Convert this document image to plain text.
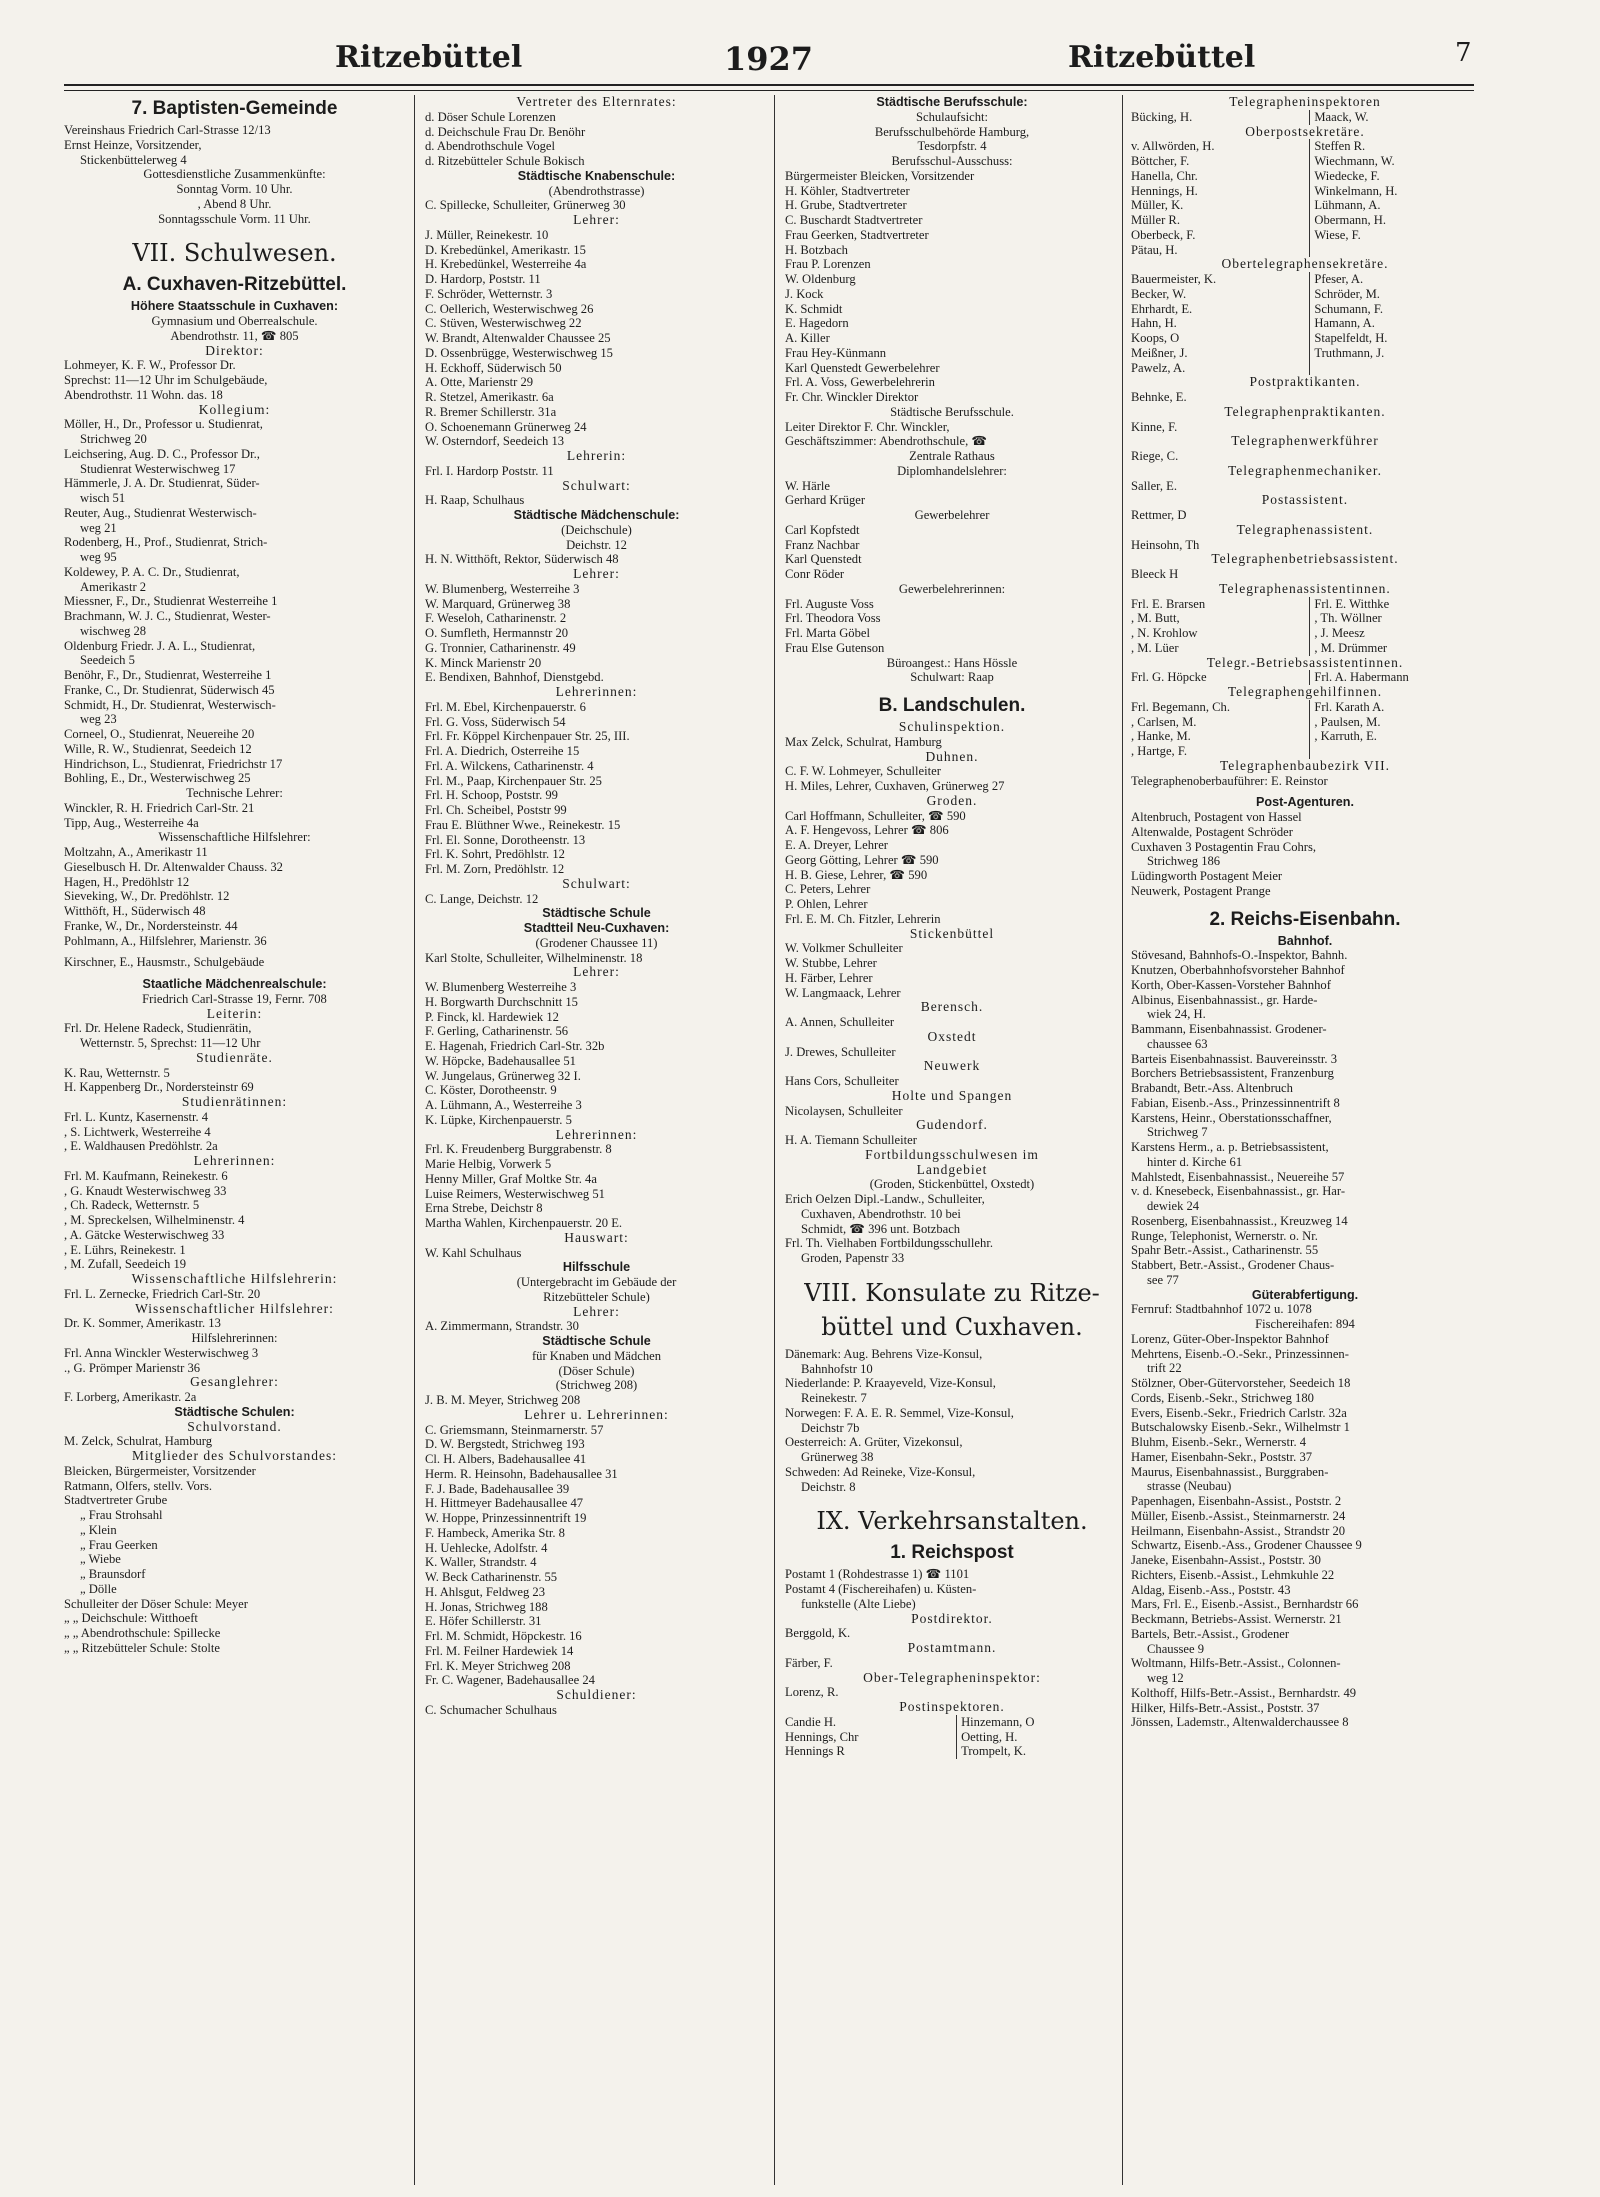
Ritzebüttel	1927	Ritzebüttel	7
7. Baptisten-Gemeinde
Vereinshaus Friedrich Carl-Strasse 12/13
Ernst Heinze, Vorsitzender,
Stickenbüttelerweg 4
Gottesdienstliche Zusammenkünfte:
Sonntag Vorm. 10 Uhr.
, Abend 8 Uhr.
Sonntagsschule Vorm. 11 Uhr.
VII. Schulwesen.
A. Cuxhaven-Ritzebüttel.
Höhere Staatsschule in Cuxhaven:
Gymnasium und Oberrealschule.
Abendrothstr. 11, ☎ 805
Direktor:
Lohmeyer, K. F. W., Professor Dr.
Sprechst: 11—12 Uhr im Schulgebäude,
Abendrothstr. 11 Wohn. das. 18
Kollegium:
Möller, H., Dr., Professor u. Studienrat,
Strichweg 20
Leichsering, Aug. D. C., Professor Dr.,
Studienrat Westerwischweg 17
Hämmerle, J. A. Dr. Studienrat, Süder-
wisch 51
Reuter, Aug., Studienrat Westerwisch-
weg 21
Rodenberg, H., Prof., Studienrat, Strich-
weg 95
Koldewey, P. A. C. Dr., Studienrat,
Amerikastr 2
Miessner, F., Dr., Studienrat Westerreihe 1
Brachmann, W. J. C., Studienrat, Wester-
wischweg 28
Oldenburg Friedr. J. A. L., Studienrat,
Seedeich 5
Benöhr, F., Dr., Studienrat, Westerreihe 1
Franke, C., Dr. Studienrat, Süderwisch 45
Schmidt, H., Dr. Studienrat, Westerwisch-
weg 23
Corneel, O., Studienrat, Neuereihe 20
Wille, R. W., Studienrat, Seedeich 12
Hindrichson, L., Studienrat, Friedrichstr 17
Bohling, E., Dr., Westerwischweg 25
Technische Lehrer:
Winckler, R. H. Friedrich Carl-Str. 21
Tipp, Aug., Westerreihe 4a
Wissenschaftliche Hilfslehrer:
Moltzahn, A., Amerikastr 11
Gieselbusch H. Dr. Altenwalder Chauss. 32
Hagen, H., Predöhlstr 12
Sieveking, W., Dr. Predöhlstr. 12
Witthöft, H., Süderwisch 48
Franke, W., Dr., Nordersteinstr. 44
Pohlmann, A., Hilfslehrer, Marienstr. 36
Kirschner, E., Hausmstr., Schulgebäude
Staatliche Mädchenrealschule:
Friedrich Carl-Strasse 19, Fernr. 708
Leiterin:
Frl. Dr. Helene Radeck, Studienrätin,
Wetternstr. 5, Sprechst: 11—12 Uhr
Studienräte.
K. Rau, Wetternstr. 5
H. Kappenberg Dr., Nordersteinstr 69
Studienrätinnen:
Frl. L. Kuntz, Kasernenstr. 4
, S. Lichtwerk, Westerreihe 4
, E. Waldhausen Predöhlstr. 2a
Lehrerinnen:
Frl. M. Kaufmann, Reinekestr. 6
, G. Knaudt Westerwischweg 33
, Ch. Radeck, Wetternstr. 5
, M. Spreckelsen, Wilhelminenstr. 4
, A. Gätcke Westerwischweg 33
, E. Lührs, Reinekestr. 1
, M. Zufall, Seedeich 19
Wissenschaftliche Hilfslehrerin:
Frl. L. Zernecke, Friedrich Carl-Str. 20
Wissenschaftlicher Hilfslehrer:
Dr. K. Sommer, Amerikastr. 13
Hilfslehrerinnen:
Frl. Anna Winckler Westerwischweg 3
., G. Prömper Marienstr 36
Gesanglehrer:
F. Lorberg, Amerikastr. 2a
Städtische Schulen:
Schulvorstand.
M. Zelck, Schulrat, Hamburg
Mitglieder des Schulvorstandes:
Bleicken, Bürgermeister, Vorsitzender
Ratmann, Olfers, stellv. Vors.
Stadtvertreter Grube
„ Frau Strohsahl
„ Klein
„ Frau Geerken
„ Wiebe
„ Braunsdorf
„ Dölle
Schulleiter der Döser Schule: Meyer
„ „ Deichschule: Witthoeft
„ „ Abendrothschule: Spillecke
„ „ Ritzebütteler Schule: Stolte
Vertreter des Elternrates:
d. Döser Schule Lorenzen
d. Deichschule Frau Dr. Benöhr
d. Abendrothschule Vogel
d. Ritzebütteler Schule Bokisch
Städtische Knabenschule:
(Abendrothstrasse)
C. Spillecke, Schulleiter, Grünerweg 30
Lehrer:
J. Müller, Reinekestr. 10
D. Krebedünkel, Amerikastr. 15
H. Krebedünkel, Westerreihe 4a
D. Hardorp, Poststr. 11
F. Schröder, Wetternstr. 3
C. Oellerich, Westerwischweg 26
C. Stüven, Westerwischweg 22
W. Brandt, Altenwalder Chaussee 25
D. Ossenbrügge, Westerwischweg 15
H. Eckhoff, Süderwisch 50
A. Otte, Marienstr 29
R. Stetzel, Amerikastr. 6a
R. Bremer Schillerstr. 31a
O. Schoenemann Grünerweg 24
W. Osterndorf, Seedeich 13
Lehrerin:
Frl. I. Hardorp Poststr. 11
Schulwart:
H. Raap, Schulhaus
Städtische Mädchenschule:
(Deichschule)
Deichstr. 12
H. N. Witthöft, Rektor, Süderwisch 48
Lehrer:
W. Blumenberg, Westerreihe 3
W. Marquard, Grünerweg 38
F. Weseloh, Catharinenstr. 2
O. Sumfleth, Hermannstr 20
G. Tronnier, Catharinenstr. 49
K. Minck Marienstr 20
E. Bendixen, Bahnhof, Dienstgebd.
Lehrerinnen:
Frl. M. Ebel, Kirchenpauerstr. 6
Frl. G. Voss, Süderwisch 54
Frl. Fr. Köppel Kirchenpauer Str. 25, III.
Frl. A. Diedrich, Osterreihe 15
Frl. A. Wilckens, Catharinenstr. 4
Frl. M., Paap, Kirchenpauer Str. 25
Frl. H. Schoop, Poststr. 99
Frl. Ch. Scheibel, Poststr 99
Frau E. Blüthner Wwe., Reinekestr. 15
Frl. El. Sonne, Dorotheenstr. 13
Frl. K. Sohrt, Predöhlstr. 12
Frl. M. Zorn, Predöhlstr. 12
Schulwart:
C. Lange, Deichstr. 12
Städtische Schule
Stadtteil Neu-Cuxhaven:
(Grodener Chaussee 11)
Karl Stolte, Schulleiter, Wilhelminenstr. 18
Lehrer:
W. Blumenberg Westerreihe 3
H. Borgwarth Durchschnitt 15
P. Finck, kl. Hardewiek 12
F. Gerling, Catharinenstr. 56
E. Hagenah, Friedrich Carl-Str. 32b
W. Höpcke, Badehausallee 51
W. Jungelaus, Grünerweg 32 I.
C. Köster, Dorotheenstr. 9
A. Lühmann, A., Westerreihe 3
K. Lüpke, Kirchenpauerstr. 5
Lehrerinnen:
Frl. K. Freudenberg Burggrabenstr. 8
Marie Helbig, Vorwerk 5
Henny Miller, Graf Moltke Str. 4a
Luise Reimers, Westerwischweg 51
Erna Strebe, Deichstr 8
Martha Wahlen, Kirchenpauerstr. 20 E.
Hauswart:
W. Kahl Schulhaus
Hilfsschule
(Untergebracht im Gebäude der
Ritzebütteler Schule)
Lehrer:
A. Zimmermann, Strandstr. 30
Städtische Schule
für Knaben und Mädchen
(Döser Schule)
(Strichweg 208)
J. B. M. Meyer, Strichweg 208
Lehrer u. Lehrerinnen:
C. Griemsmann, Steinmarnerstr. 57
D. W. Bergstedt, Strichweg 193
Cl. H. Albers, Badehausallee 41
Herm. R. Heinsohn, Badehausallee 31
F. J. Bade, Badehausallee 39
H. Hittmeyer Badehausallee 47
W. Hoppe, Prinzessinnentrift 19
F. Hambeck, Amerika Str. 8
H. Uehlecke, Adolfstr. 4
K. Waller, Strandstr. 4
W. Beck Catharinenstr. 55
H. Ahlsgut, Feldweg 23
H. Jonas, Strichweg 188
E. Höfer Schillerstr. 31
Frl. M. Schmidt, Höpckestr. 16
Frl. M. Feilner Hardewiek 14
Frl. K. Meyer Strichweg 208
Fr. C. Wagener, Badehausallee 24
Schuldiener:
C. Schumacher Schulhaus
Städtische Berufsschule:
Schulaufsicht:
Berufsschulbehörde Hamburg,
Tesdorpfstr. 4
Berufsschul-Ausschuss:
Bürgermeister Bleicken, Vorsitzender
H. Köhler, Stadtvertreter
H. Grube, Stadtvertreter
C. Buschardt Stadtvertreter
Frau Geerken, Stadtvertreter
H. Botzbach
Frau P. Lorenzen
W. Oldenburg
J. Kock
K. Schmidt
E. Hagedorn
A. Killer
Frau Hey-Künmann
Karl Quenstedt Gewerbelehrer
Frl. A. Voss, Gewerbelehrerin
Fr. Chr. Winckler Direktor
Städtische Berufsschule.
Leiter Direktor F. Chr. Winckler,
Geschäftszimmer: Abendrothschule, ☎
Zentrale Rathaus
Diplomhandelslehrer:
W. Härle
Gerhard Krüger
Gewerbelehrer
Carl Kopfstedt
Franz Nachbar
Karl Quenstedt
Conr Röder
Gewerbelehrerinnen:
Frl. Auguste Voss
Frl. Theodora Voss
Frl. Marta Göbel
Frau Else Gutenson
Büroangest.: Hans Hössle
Schulwart: Raap
B. Landschulen.
Schulinspektion.
Max Zelck, Schulrat, Hamburg
Duhnen.
C. F. W. Lohmeyer, Schulleiter
H. Miles, Lehrer, Cuxhaven, Grünerweg 27
Groden.
Carl Hoffmann, Schulleiter, ☎ 590
A. F. Hengevoss, Lehrer ☎ 806
E. A. Dreyer, Lehrer
Georg Götting, Lehrer ☎ 590
H. B. Giese, Lehrer, ☎ 590
C. Peters, Lehrer
P. Ohlen, Lehrer
Frl. E. M. Ch. Fitzler, Lehrerin
Stickenbüttel
W. Volkmer Schulleiter
W. Stubbe, Lehrer
H. Färber, Lehrer
W. Langmaack, Lehrer
Berensch.
A. Annen, Schulleiter
Oxstedt
J. Drewes, Schulleiter
Neuwerk
Hans Cors, Schulleiter
Holte und Spangen
Nicolaysen, Schulleiter
Gudendorf.
H. A. Tiemann Schulleiter
Fortbildungsschulwesen im
Landgebiet
(Groden, Stickenbüttel, Oxstedt)
Erich Oelzen Dipl.-Landw., Schulleiter,
Cuxhaven, Abendrothstr. 10 bei
Schmidt, ☎ 396 unt. Botzbach
Frl. Th. Vielhaben Fortbildungsschullehr.
Groden, Papenstr 33
VIII. Konsulate zu Ritze-
büttel und Cuxhaven.
Dänemark: Aug. Behrens Vize-Konsul,
Bahnhofstr 10
Niederlande: P. Kraayeveld, Vize-Konsul,
Reinekestr. 7
Norwegen: F. A. E. R. Semmel, Vize-Konsul,
Deichstr 7b
Oesterreich: A. Grüter, Vizekonsul,
Grünerweg 38
Schweden: Ad Reineke, Vize-Konsul,
Deichstr. 8
IX. Verkehrsanstalten.
1. Reichspost
Postamt 1 (Rohdestrasse 1) ☎ 1101
Postamt 4 (Fischereihafen) u. Küsten-
funkstelle (Alte Liebe)
Postdirektor.
Berggold, K.
Postamtmann.
Färber, F.
Ober-Telegrapheninspektor:
Lorenz, R.
Postinspektoren.
Candie H.	Hinzemann, O
Hennings, Chr	Oetting, H.
Hennings R	Trompelt, K.
Telegrapheninspektoren
Bücking, H.	Maack, W.
Oberpostsekretäre.
v. Allwörden, H.	Steffen R.
Böttcher, F.	Wiechmann, W.
Hanella, Chr.	Wiedecke, F.
Hennings, H.	Winkelmann, H.
Müller, K.	Lühmann, A.
Müller R.	Obermann, H.
Oberbeck, F.	Wiese, F.
Pätau, H.
Obertelegraphensekretäre.
Bauermeister, K.	Pfeser, A.
Becker, W.	Schröder, M.
Ehrhardt, E.	Schumann, F.
Hahn, H.	Hamann, A.
Koops, O	Stapelfeldt, H.
Meißner, J.	Truthmann, J.
Pawelz, A.
Postpraktikanten.
Behnke, E.
Telegraphenpraktikanten.
Kinne, F.
Telegraphenwerkführer
Riege, C.
Telegraphenmechaniker.
Saller, E.
Postassistent.
Rettmer, D
Telegraphenassistent.
Heinsohn, Th
Telegraphenbetriebsassistent.
Bleeck H
Telegraphenassistentinnen.
Frl. E. Brarsen	Frl. E. Witthke
, M. Butt,	, Th. Wöllner
, N. Krohlow	, J. Meesz
, M. Lüer	, M. Drümmer
Telegr.-Betriebsassistentinnen.
Frl. G. Höpcke	Frl. A. Habermann
Telegraphengehilfinnen.
Frl. Begemann, Ch.	Frl. Karath A.
, Carlsen, M.	, Paulsen, M.
, Hanke, M.	, Karruth, E.
, Hartge, F.
Telegraphenbaubezirk VII.
Telegraphenoberbauführer: E. Reinstor
Post-Agenturen.
Altenbruch, Postagent von Hassel
Altenwalde, Postagent Schröder
Cuxhaven 3 Postagentin Frau Cohrs,
Strichweg 186
Lüdingworth Postagent Meier
Neuwerk, Postagent Prange
2. Reichs-Eisenbahn.
Bahnhof.
Stövesand, Bahnhofs-O.-Inspektor, Bahnh.
Knutzen, Oberbahnhofsvorsteher Bahnhof
Korth, Ober-Kassen-Vorsteher Bahnhof
Albinus, Eisenbahnassist., gr. Harde-
wiek 24, H.
Bammann, Eisenbahnassist. Grodener-
chaussee 63
Barteis Eisenbahnassist. Bauvereinsstr. 3
Borchers Betriebsassistent, Franzenburg
Brabandt, Betr.-Ass. Altenbruch
Fabian, Eisenb.-Ass., Prinzessinnentrift 8
Karstens, Heinr., Oberstationsschaffner,
Strichweg 7
Karstens Herm., a. p. Betriebsassistent,
hinter d. Kirche 61
Mahlstedt, Eisenbahnassist., Neuereihe 57
v. d. Knesebeck, Eisenbahnassist., gr. Har-
dewiek 24
Rosenberg, Eisenbahnassist., Kreuzweg 14
Runge, Telephonist, Wernerstr. o. Nr.
Spahr Betr.-Assist., Catharinenstr. 55
Stabbert, Betr.-Assist., Grodener Chaus-
see 77
Güterabfertigung.
Fernruf: Stadtbahnhof 1072 u. 1078
Fischereihafen: 894
Lorenz, Güter-Ober-Inspektor Bahnhof
Mehrtens, Eisenb.-O.-Sekr., Prinzessinnen-
trift 22
Stölzner, Ober-Gütervorsteher, Seedeich 18
Cords, Eisenb.-Sekr., Strichweg 180
Evers, Eisenb.-Sekr., Friedrich Carlstr. 32a
Butschalowsky Eisenb.-Sekr., Wilhelmstr 1
Bluhm, Eisenb.-Sekr., Wernerstr. 4
Hamer, Eisenbahn-Sekr., Poststr. 37
Maurus, Eisenbahnassist., Burggraben-
strasse (Neubau)
Papenhagen, Eisenbahn-Assist., Poststr. 2
Müller, Eisenb.-Assist., Steinmarnerstr. 24
Heilmann, Eisenbahn-Assist., Strandstr 20
Schwartz, Eisenb.-Ass., Grodener Chaussee 9
Janeke, Eisenbahn-Assist., Poststr. 30
Richters, Eisenb.-Assist., Lehmkuhle 22
Aldag, Eisenb.-Ass., Poststr. 43
Mars, Frl. E., Eisenb.-Assist., Bernhardstr 66
Beckmann, Betriebs-Assist. Wernerstr. 21
Bartels, Betr.-Assist., Grodener
Chaussee 9
Woltmann, Hilfs-Betr.-Assist., Colonnen-
weg 12
Kolthoff, Hilfs-Betr.-Assist., Bernhardstr. 49
Hilker, Hilfs-Betr.-Assist., Poststr. 37
Jönssen, Lademstr., Altenwalderchaussee 8
